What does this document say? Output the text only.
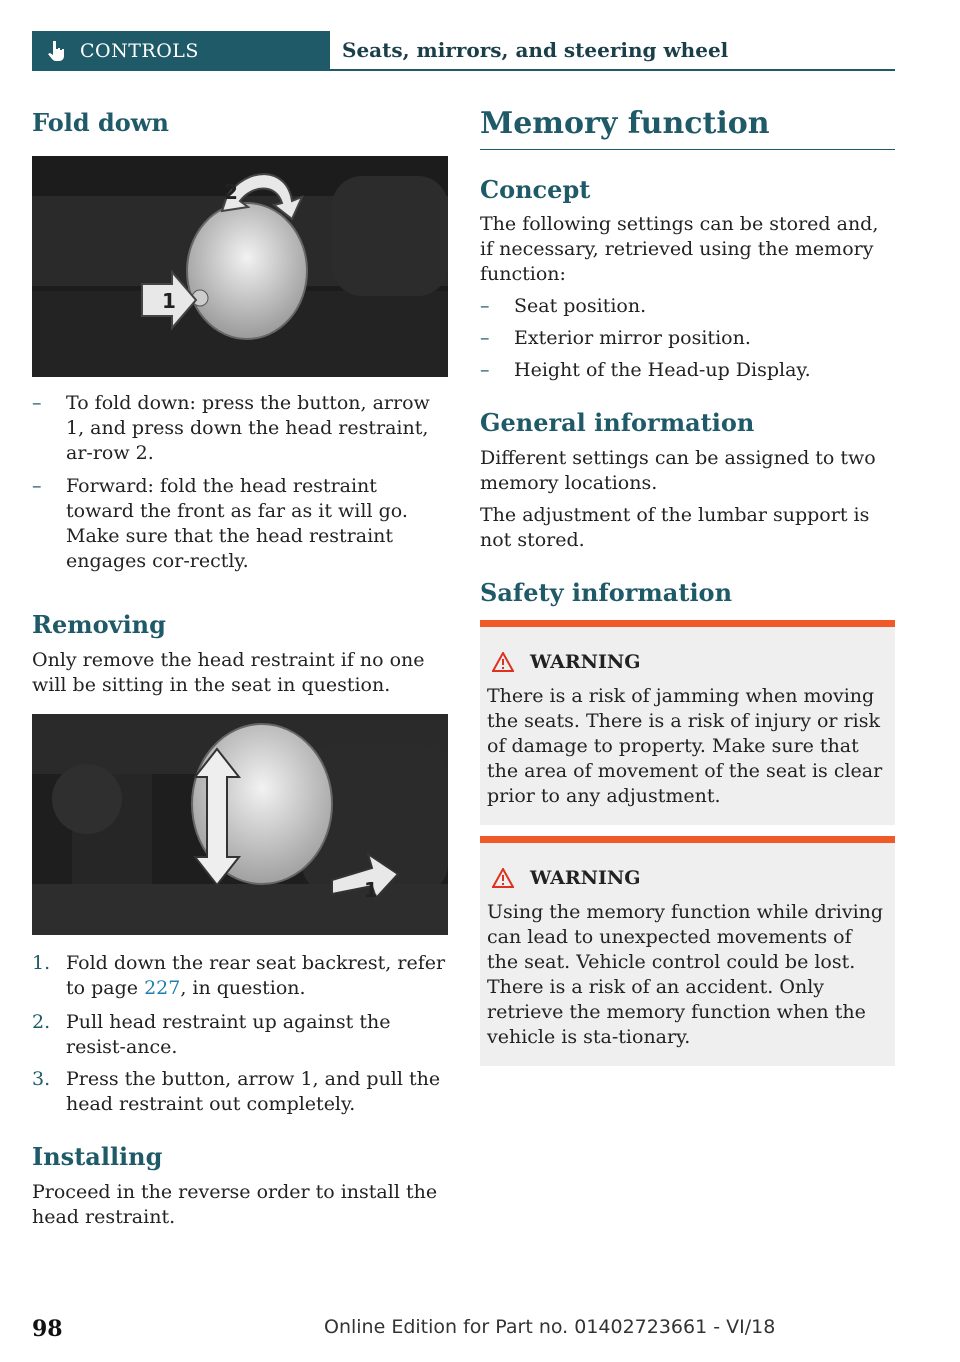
CONTROLS	Seats, mirrors, and steering wheel
Fold down
2
1
–	To fold down: press the button, arrow 1, and press down the head restraint, ar-row 2.
–	Forward: fold the head restraint toward the front as far as it will go. Make sure that the head restraint engages cor-rectly.
Removing

Only remove the head restraint if no one will be sitting in the seat in question.

1
1. Fold down the rear seat backrest, refer to page 227, in question.
2. Pull head restraint up against the resist-ance.
3. Press the button, arrow 1, and pull the head restraint out completely.
Installing

Proceed in the reverse order to install the head restraint.

Memory function
Concept

The following settings can be stored and, if necessary, retrieved using the memory function:

–	Seat position.
–	Exterior mirror position.
–	Height of the Head-up Display.
General information

Different settings can be assigned to two memory locations.

The adjustment of the lumbar support is not stored.

Safety information
WARNING
There is a risk of jamming when moving the seats. There is a risk of injury or risk of damage to property. Make sure that the area of movement of the seat is clear prior to any adjustment.
WARNING
Using the memory function while driving can lead to unexpected movements of the seat. Vehicle control could be lost. There is a risk of an accident. Only retrieve the memory function when the vehicle is sta-tionary.
98	Online Edition for Part no. 01402723661 - VI/18
